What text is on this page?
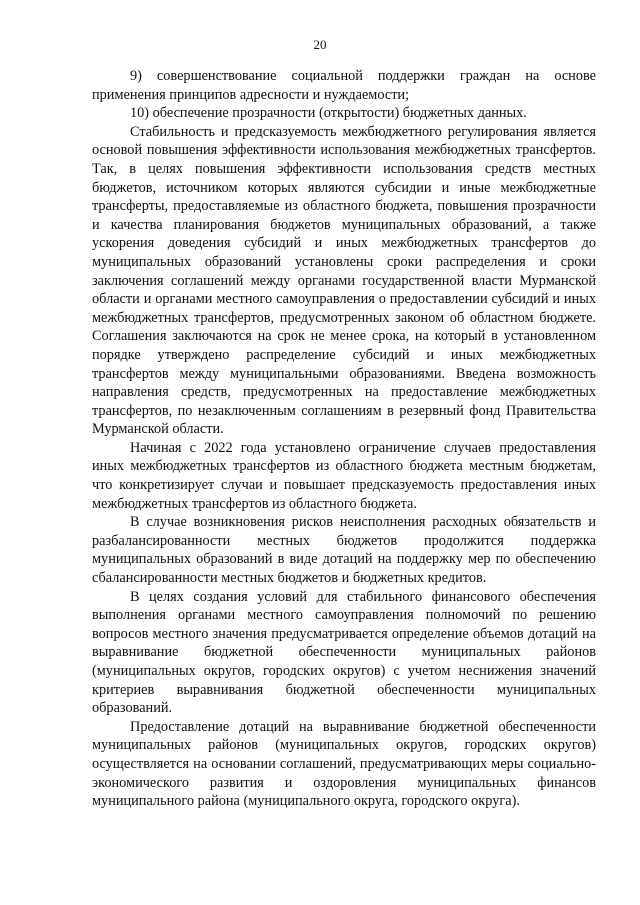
20

9) совершенствование социальной поддержки граждан на основе применения принципов адресности и нуждаемости;

10) обеспечение прозрачности (открытости) бюджетных данных.

Стабильность и предсказуемость межбюджетного регулирования является основой повышения эффективности использования межбюджетных трансфертов. Так, в целях повышения эффективности использования средств местных бюджетов, источником которых являются субсидии и иные межбюджетные трансферты, предоставляемые из областного бюджета, повышения прозрачности и качества планирования бюджетов муниципальных образований, а также ускорения доведения субсидий и иных межбюджетных трансфертов до муниципальных образований установлены сроки распределения и сроки заключения соглашений между органами государственной власти Мурманской области и органами местного самоуправления о предоставлении субсидий и иных межбюджетных трансфертов, предусмотренных законом об областном бюджете. Соглашения заключаются на срок не менее срока, на который в установленном порядке утверждено распределение субсидий и иных межбюджетных трансфертов между муниципальными образованиями. Введена возможность направления средств, предусмотренных на предоставление межбюджетных трансфертов, по незаключенным соглашениям в резервный фонд Правительства Мурманской области.

Начиная с 2022 года установлено ограничение случаев предоставления иных межбюджетных трансфертов из областного бюджета местным бюджетам, что конкретизирует случаи и повышает предсказуемость предоставления иных межбюджетных трансфертов из областного бюджета.

В случае возникновения рисков неисполнения расходных обязательств и разбалансированности местных бюджетов продолжится поддержка муниципальных образований в виде дотаций на поддержку мер по обеспечению сбалансированности местных бюджетов и бюджетных кредитов.

В целях создания условий для стабильного финансового обеспечения выполнения органами местного самоуправления полномочий по решению вопросов местного значения предусматривается определение объемов дотаций на выравнивание бюджетной обеспеченности муниципальных районов (муниципальных округов, городских округов) с учетом неснижения значений критериев выравнивания бюджетной обеспеченности муниципальных образований.

Предоставление дотаций на выравнивание бюджетной обеспеченности муниципальных районов (муниципальных округов, городских округов) осуществляется на основании соглашений, предусматривающих меры социально-экономического развития и оздоровления муниципальных финансов муниципального района (муниципального округа, городского округа).
